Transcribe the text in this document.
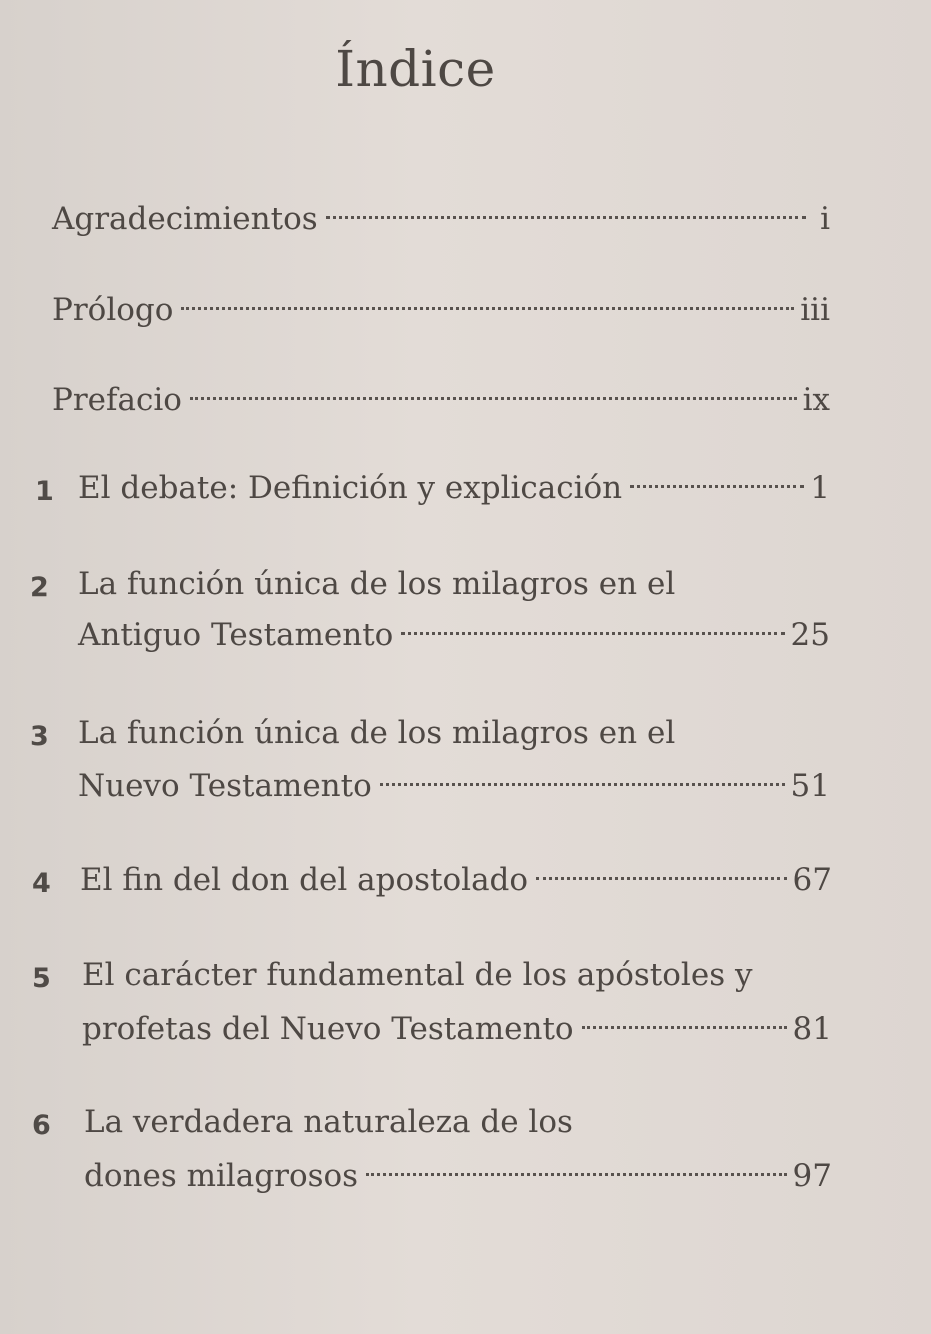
Índice
Agradecimientos	i
Prólogo	iii
Prefacio	ix
1 El debate: Definición y explicación	1
2 La función única de los milagros en el
Antiguo Testamento	25
3 La función única de los milagros en el
Nuevo Testamento	51
4 El fin del don del apostolado	67
5 El carácter fundamental de los apóstoles y
profetas del Nuevo Testamento	81
6 La verdadera naturaleza de los
dones milagrosos	97
